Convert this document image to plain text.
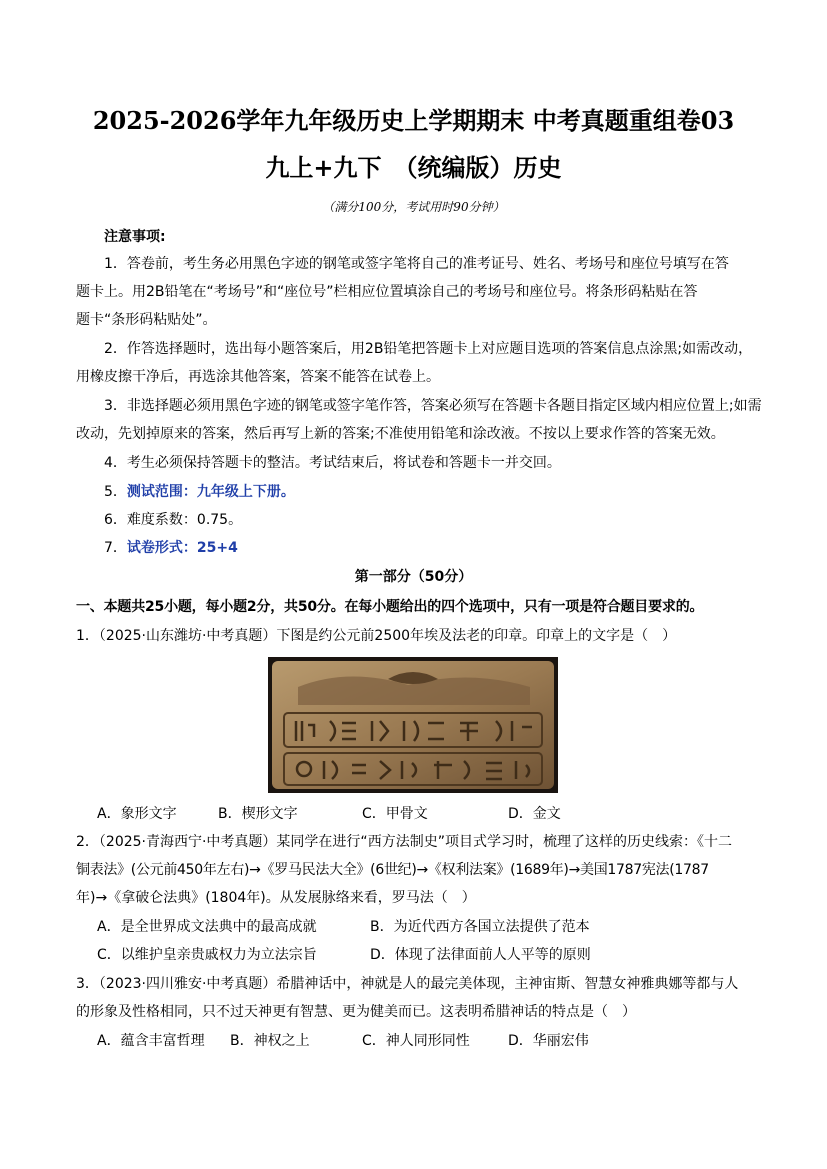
2025-2026学年九年级历史上学期期末 中考真题重组卷03
九上+九下　（统编版）历史
（满分100分，考试用时90分钟）
注意事项:
1．答卷前，考生务必用黑色字迹的钢笔或签字笔将自己的准考证号、姓名、考场号和座位号填写在答
题卡上。用2B铅笔在“考场号”和“座位号”栏相应位置填涂自己的考场号和座位号。将条形码粘贴在答
题卡“条形码粘贴处”。
2．作答选择题时，选出每小题答案后，用2B铅笔把答题卡上对应题目选项的答案信息点涂黑;如需改动，
用橡皮擦干净后，再选涂其他答案，答案不能答在试卷上。
3．非选择题必须用黑色字迹的钢笔或签字笔作答，答案必须写在答题卡各题目指定区域内相应位置上;如需
改动，先划掉原来的答案，然后再写上新的答案;不准使用铅笔和涂改液。不按以上要求作答的答案无效。
4．考生必须保持答题卡的整洁。考试结束后，将试卷和答题卡一并交回。
5．测试范围：九年级上下册。
6．难度系数：0.75。
7．试卷形式：25+4
第一部分（50分）
一、本题共25小题，每小题2分，共50分。在每小题给出的四个选项中，只有一项是符合题目要求的。
1．（2025·山东潍坊·中考真题）下图是约公元前2500年埃及法老的印章。印章上的文字是（　）
A．象形文字	B．楔形文字	C．甲骨文	D．金文
2．（2025·青海西宁·中考真题）某同学在进行“西方法制史”项目式学习时，梳理了这样的历史线索：《十二
铜表法》(公元前450年左右)→《罗马民法大全》(6世纪)→《权利法案》(1689年)→美国1787宪法(1787
年)→《拿破仑法典》(1804年)。从发展脉络来看，罗马法（　）
A．是全世界成文法典中的最高成就	B．为近代西方各国立法提供了范本
C．以维护皇亲贵戚权力为立法宗旨	D．体现了法律面前人人平等的原则
3．（2023·四川雅安·中考真题）希腊神话中，神就是人的最完美体现，主神宙斯、智慧女神雅典娜等都与人
的形象及性格相同，只不过天神更有智慧、更为健美而已。这表明希腊神话的特点是（　）
A．蕴含丰富哲理 B．神权之上	C．神人同形同性	D．华丽宏伟
